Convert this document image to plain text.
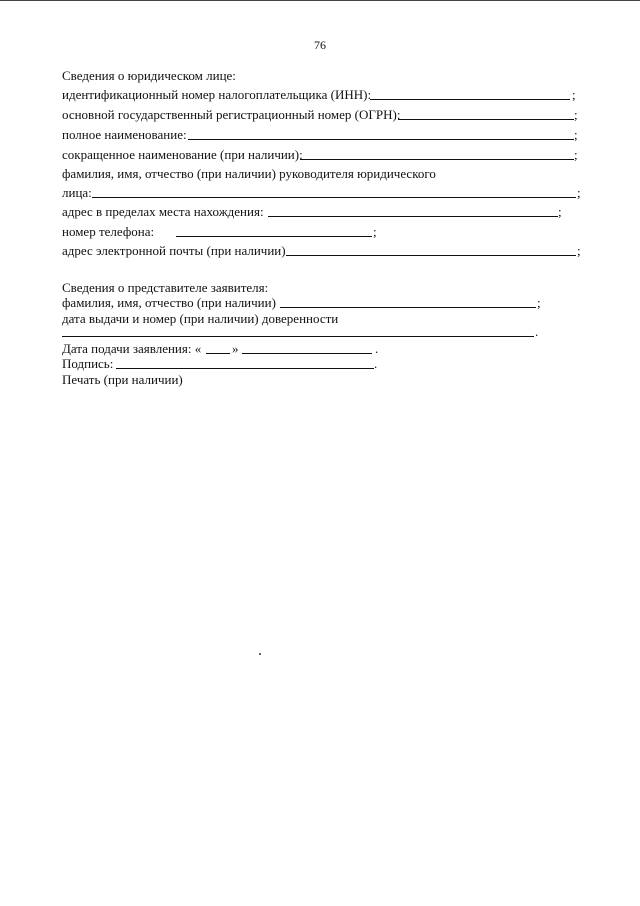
76
Сведения о юридическом лице:
идентификационный номер налогоплательщика (ИНН):	;
основной государственный регистрационный номер (ОГРН):	;
полное наименование:	;
сокращенное наименование (при наличии):	;
фамилия, имя, отчество (при наличии) руководителя юридического
лица:	;
адрес в пределах места нахождения:	;
номер телефона:	;
адрес электронной почты (при наличии)	;
Сведения о представителе заявителя:
фамилия, имя, отчество (при наличии)	;
дата выдачи и номер (при наличии) доверенности
.
Дата подачи заявления: « »	.
Подпись:	.
Печать (при наличии)
